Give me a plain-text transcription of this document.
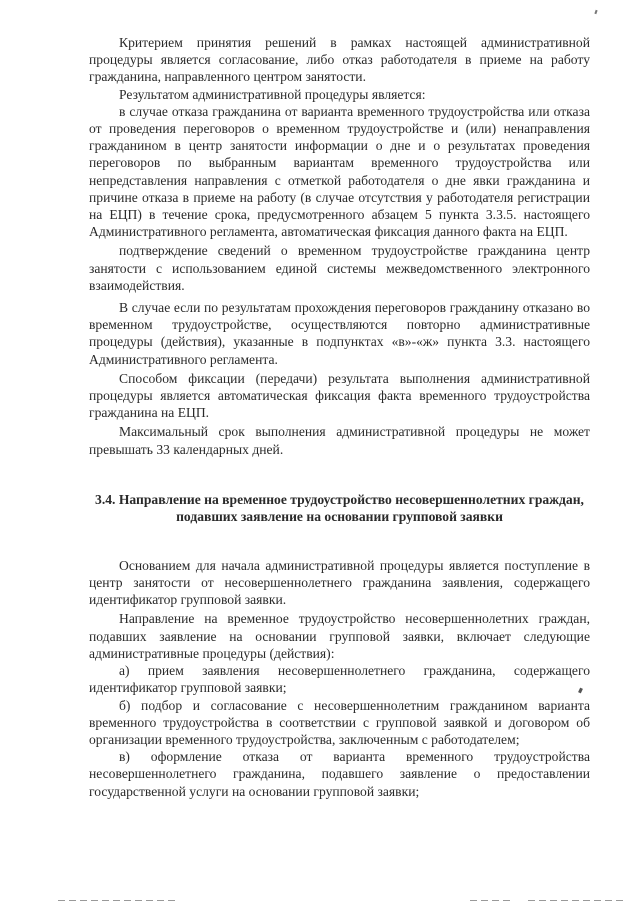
Критерием принятия решений в рамках настоящей административной процедуры является согласование, либо отказ работодателя в приеме на работу гражданина, направленного центром занятости.

Результатом административной процедуры является:

в случае отказа гражданина от варианта временного трудоустройства или отказа от проведения переговоров о временном трудоустройстве и (или) ненаправления гражданином в центр занятости информации о дне и о результатах проведения переговоров по выбранным вариантам временного трудоустройства или непредставления направления с отметкой работодателя о дне явки гражданина и причине отказа в приеме на работу (в случае отсутствия у работодателя регистрации на ЕЦП) в течение срока, предусмотренного абзацем 5 пункта 3.3.5. настоящего Административного регламента, автоматическая фиксация данного факта на ЕЦП.

подтверждение сведений о временном трудоустройстве гражданина центр занятости с использованием единой системы межведомственного электронного взаимодействия.

В случае если по результатам прохождения переговоров гражданину отказано во временном трудоустройстве, осуществляются повторно административные процедуры (действия), указанные в подпунктах «в»-«ж» пункта 3.3. настоящего Административного регламента.

Способом фиксации (передачи) результата выполнения административной процедуры является автоматическая фиксация факта временного трудоустройства гражданина на ЕЦП.

Максимальный срок выполнения административной процедуры не может превышать 33 календарных дней.

3.4. Направление на временное трудоустройство несовершеннолетних граждан, подавших заявление на основании групповой заявки

Основанием для начала административной процедуры является поступление в центр занятости от несовершеннолетнего гражданина заявления, содержащего идентификатор групповой заявки.

Направление на временное трудоустройство несовершеннолетних граждан, подавших заявление на основании групповой заявки, включает следующие административные процедуры (действия):

а) прием заявления несовершеннолетнего гражданина, содержащего идентификатор групповой заявки;

б) подбор и согласование с несовершеннолетним гражданином варианта временного трудоустройства в соответствии с групповой заявкой и договором об организации временного трудоустройства, заключенным с работодателем;

в) оформление отказа от варианта временного трудоустройства несовершеннолетнего гражданина, подавшего заявление о предоставлении государственной услуги на основании групповой заявки;
